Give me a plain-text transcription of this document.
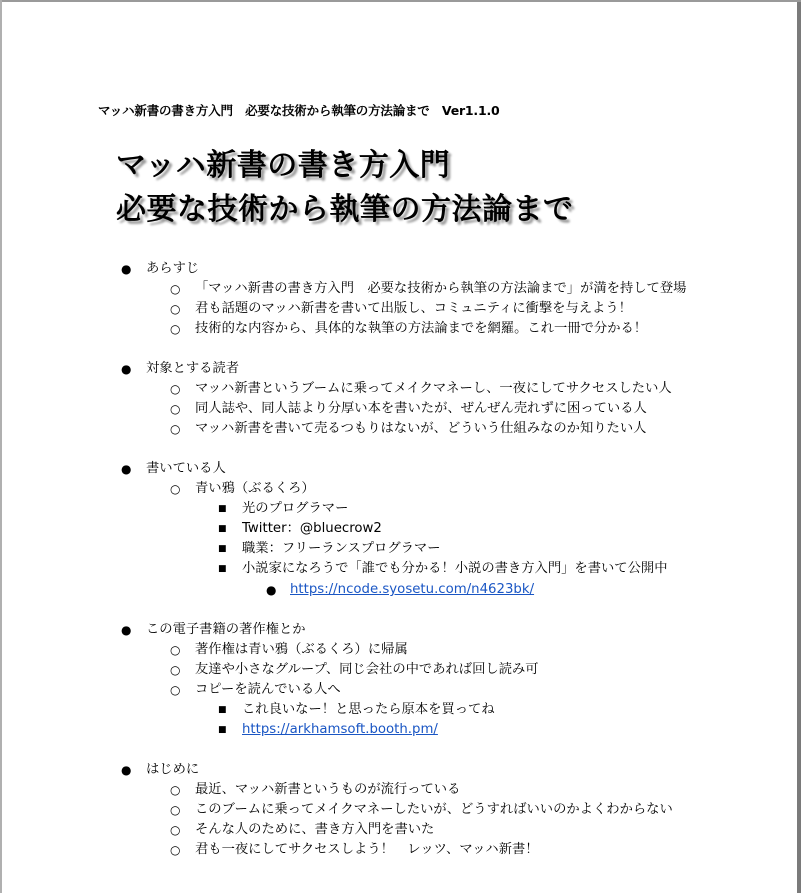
マッハ新書の書き方入門　必要な技術から執筆の方法論まで　Ver1.1.0
マッハ新書の書き方入門
必要な技術から執筆の方法論まで
● あらすじ
○ 「マッハ新書の書き方入門　必要な技術から執筆の方法論まで」が満を持して登場
○ 君も話題のマッハ新書を書いて出版し、コミュニティに衝撃を与えよう！
○ 技術的な内容から、具体的な執筆の方法論までを網羅。これ一冊で分かる！
● 対象とする読者
○ マッハ新書というブームに乗ってメイクマネーし、一夜にしてサクセスしたい人
○ 同人誌や、同人誌より分厚い本を書いたが、ぜんぜん売れずに困っている人
○ マッハ新書を書いて売るつもりはないが、どういう仕組みなのか知りたい人
● 書いている人
○ 青い鴉（ぶるくろ）
■ 光のプログラマー
■ Twitter：@bluecrow2
■ 職業：フリーランスプログラマー
■ 小説家になろうで「誰でも分かる！小説の書き方入門」を書いて公開中
● https://ncode.syosetu.com/n4623bk/
● この電子書籍の著作権とか
○ 著作権は青い鴉（ぶるくろ）に帰属
○ 友達や小さなグループ、同じ会社の中であれば回し読み可
○ コピーを読んでいる人へ
■ これ良いなー！と思ったら原本を買ってね
■ https://arkhamsoft.booth.pm/
● はじめに
○ 最近、マッハ新書というものが流行っている
○ このブームに乗ってメイクマネーしたいが、どうすればいいのかよくわからない
○ そんな人のために、書き方入門を書いた
○ 君も一夜にしてサクセスしよう！　レッツ、マッハ新書！
